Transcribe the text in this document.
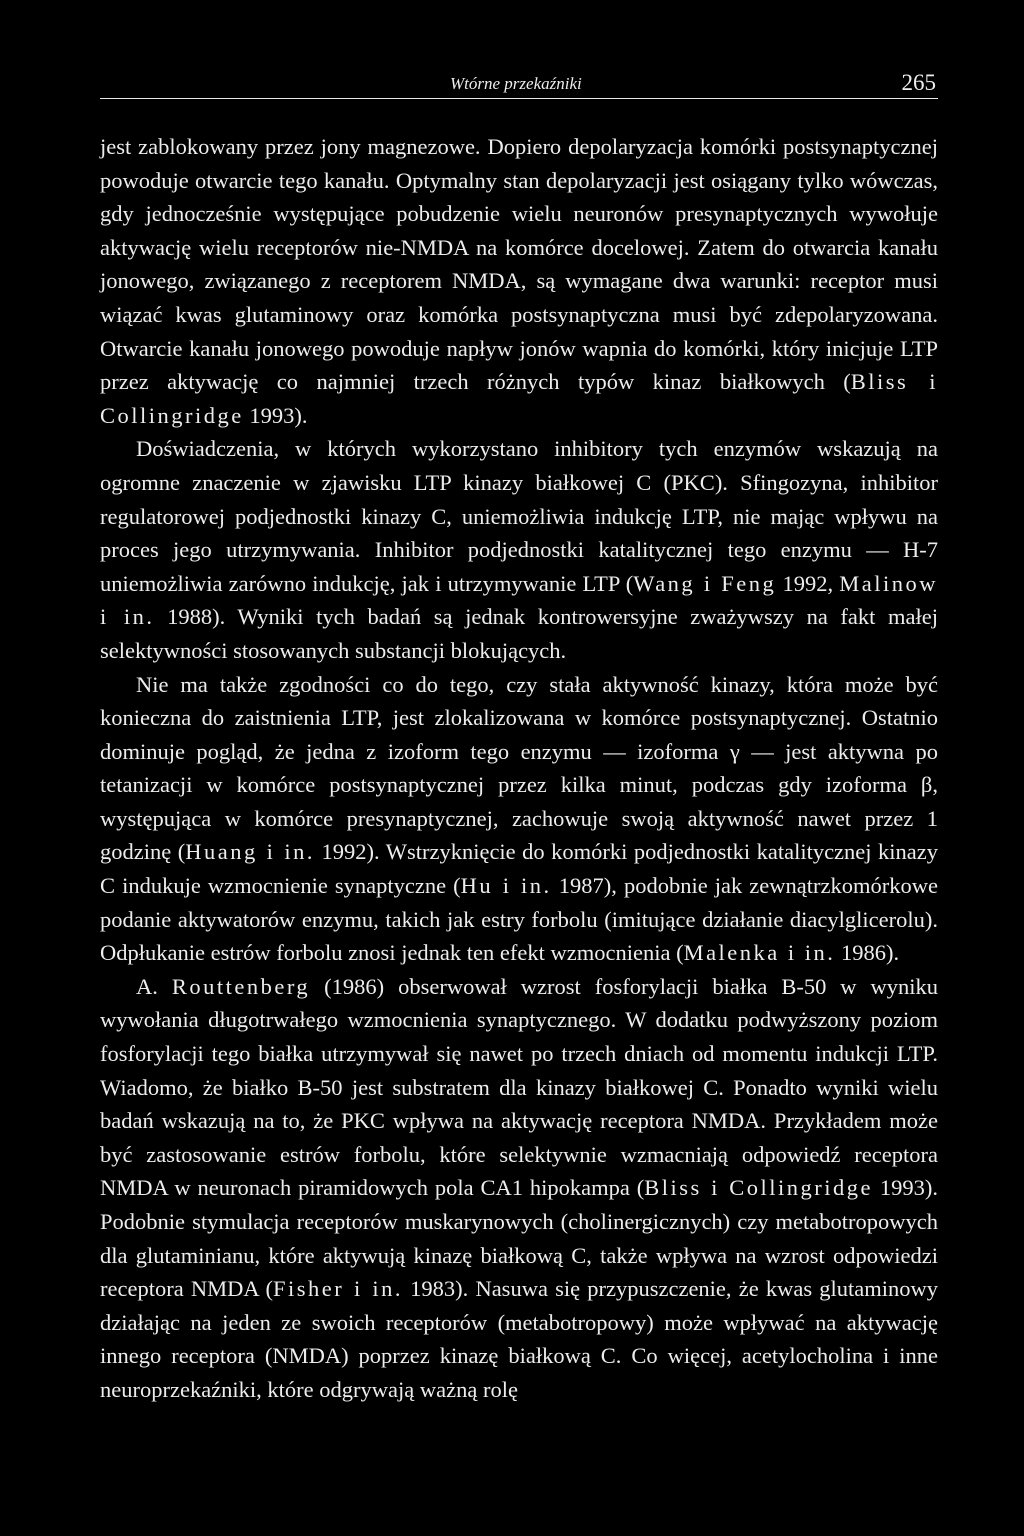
Wtórne przekaźniki	265

jest zablokowany przez jony magnezowe. Dopiero depolaryzacja komórki postsynaptycznej powoduje otwarcie tego kanału. Optymalny stan depolaryzacji jest osiągany tylko wówczas, gdy jednocześnie występujące pobudzenie wielu neuronów presynaptycznych wywołuje aktywację wielu receptorów nie-NMDA na komórce docelowej. Zatem do otwarcia kanału jonowego, związanego z receptorem NMDA, są wymagane dwa warunki: receptor musi wiązać kwas glutaminowy oraz komórka postsynaptyczna musi być zdepolaryzowana. Otwarcie kanału jonowego powoduje napływ jonów wapnia do komórki, który inicjuje LTP przez aktywację co najmniej trzech różnych typów kinaz białkowych (Bliss i Collingridge 1993).

Doświadczenia, w których wykorzystano inhibitory tych enzymów wskazują na ogromne znaczenie w zjawisku LTP kinazy białkowej C (PKC). Sfingozyna, inhibitor regulatorowej podjednostki kinazy C, uniemożliwia indukcję LTP, nie mając wpływu na proces jego utrzymywania. Inhibitor podjednostki katalitycznej tego enzymu — H-7 uniemożliwia zarówno indukcję, jak i utrzymywanie LTP (Wang i Feng 1992, Malinow i in. 1988). Wyniki tych badań są jednak kontrowersyjne zważywszy na fakt małej selektywności stosowanych substancji blokujących.

Nie ma także zgodności co do tego, czy stała aktywność kinazy, która może być konieczna do zaistnienia LTP, jest zlokalizowana w komórce postsynaptycznej. Ostatnio dominuje pogląd, że jedna z izoform tego enzymu — izoforma γ — jest aktywna po tetanizacji w komórce postsynaptycznej przez kilka minut, podczas gdy izoforma β, występująca w komórce presynaptycznej, zachowuje swoją aktywność nawet przez 1 godzinę (Huang i in. 1992). Wstrzyknięcie do komórki podjednostki katalitycznej kinazy C indukuje wzmocnienie synaptyczne (Hu i in. 1987), podobnie jak zewnątrzkomórkowe podanie aktywatorów enzymu, takich jak estry forbolu (imitujące działanie diacylglicerolu). Odpłukanie estrów forbolu znosi jednak ten efekt wzmocnienia (Malenka i in. 1986).

A. Routtenberg (1986) obserwował wzrost fosforylacji białka B-50 w wyniku wywołania długotrwałego wzmocnienia synaptycznego. W dodatku podwyższony poziom fosforylacji tego białka utrzymywał się nawet po trzech dniach od momentu indukcji LTP. Wiadomo, że białko B-50 jest substratem dla kinazy białkowej C. Ponadto wyniki wielu badań wskazują na to, że PKC wpływa na aktywację receptora NMDA. Przykładem może być zastosowanie estrów forbolu, które selektywnie wzmacniają odpowiedź receptora NMDA w neuronach piramidowych pola CA1 hipokampa (Bliss i Collingridge 1993). Podobnie stymulacja receptorów muskarynowych (cholinergicznych) czy metabotropowych dla glutaminianu, które aktywują kinazę białkową C, także wpływa na wzrost odpowiedzi receptora NMDA (Fisher i in. 1983). Nasuwa się przypuszczenie, że kwas glutaminowy działając na jeden ze swoich receptorów (metabotropowy) może wpływać na aktywację innego receptora (NMDA) poprzez kinazę białkową C. Co więcej, acetylocholina i inne neuroprzekaźniki, które odgrywają ważną rolę
